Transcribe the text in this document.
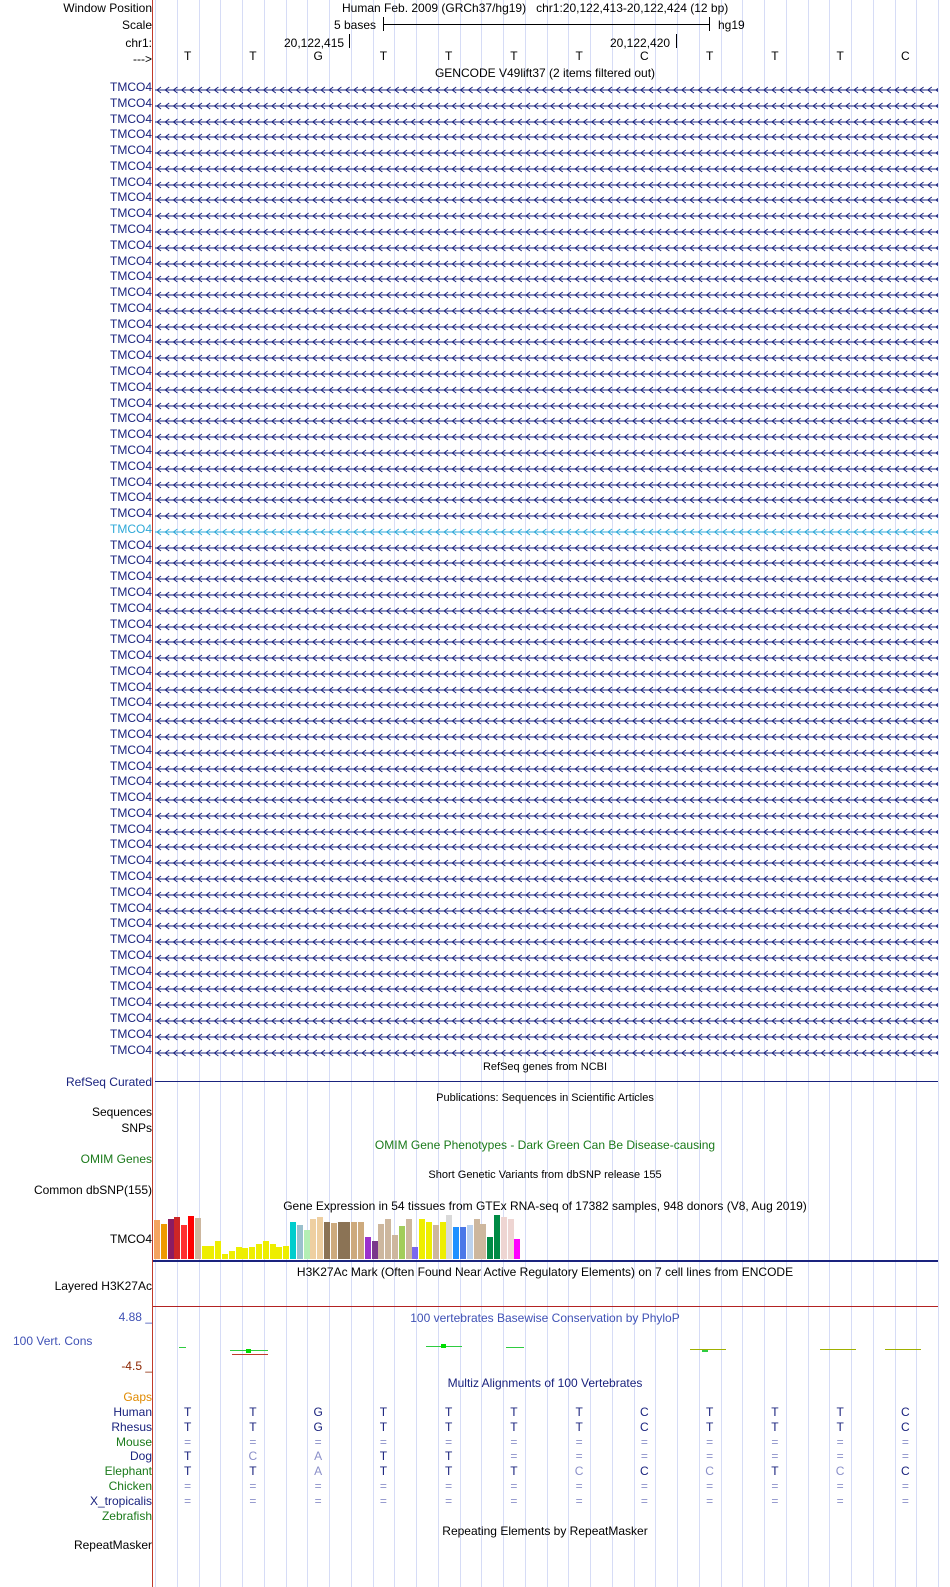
Window Position
Scale
chr1:
--->
Human Feb. 2009 (GRCh37/hg19) chr1:20,122,413-20,122,424 (12 bp)
5 bases	hg19
20,122,415	20,122,420
T	T	G	T	T	T	T	C	T	T	T	C
GENCODE V49lift37 (2 items filtered out)
TMCO4
TMCO4
TMCO4
TMCO4
TMCO4
TMCO4
TMCO4
TMCO4
TMCO4
TMCO4
TMCO4
TMCO4
TMCO4
TMCO4
TMCO4
TMCO4
TMCO4
TMCO4
TMCO4
TMCO4
TMCO4
TMCO4
TMCO4
TMCO4
TMCO4
TMCO4
TMCO4
TMCO4
TMCO4
TMCO4
TMCO4
TMCO4
TMCO4
TMCO4
TMCO4
TMCO4
TMCO4
TMCO4
TMCO4
TMCO4
TMCO4
TMCO4
TMCO4
TMCO4
TMCO4
TMCO4
TMCO4
TMCO4
TMCO4
TMCO4
TMCO4
TMCO4
TMCO4
TMCO4
TMCO4
TMCO4
TMCO4
TMCO4
TMCO4
TMCO4
TMCO4
TMCO4
RefSeq genes from NCBI
RefSeq Curated
Publications: Sequences in Scientific Articles
Sequences
SNPs
OMIM Gene Phenotypes - Dark Green Can Be Disease-causing
OMIM Genes
Short Genetic Variants from dbSNP release 155
Common dbSNP(155)
Gene Expression in 54 tissues from GTEx RNA-seq of 17382 samples, 948 donors (V8, Aug 2019)
TMCO4
H3K27Ac Mark (Often Found Near Active Regulatory Elements) on 7 cell lines from ENCODE
Layered H3K27Ac
100 vertebrates Basewise Conservation by PhyloP
4.88 _
100 Vert. Cons
-4.5 _
Multiz Alignments of 100 Vertebrates
Gaps
Human	T	T	G	T	T	T	T	C	T	T	T	C
Rhesus	T	T	G	T	T	T	T	C	T	T	T	C
Mouse	=	=	=	=	=	=	=	=	=	=	=	=
Dog	T	C	A	T	T	=	=	=	=	=	=	=
Elephant	T	T	A	T	T	T	C	C	C	T	C	C
Chicken	=	=	=	=	=	=	=	=	=	=	=	=
X_tropicalis	=	=	=	=	=	=	=	=	=	=	=	=
Zebrafish
Repeating Elements by RepeatMasker
RepeatMasker
